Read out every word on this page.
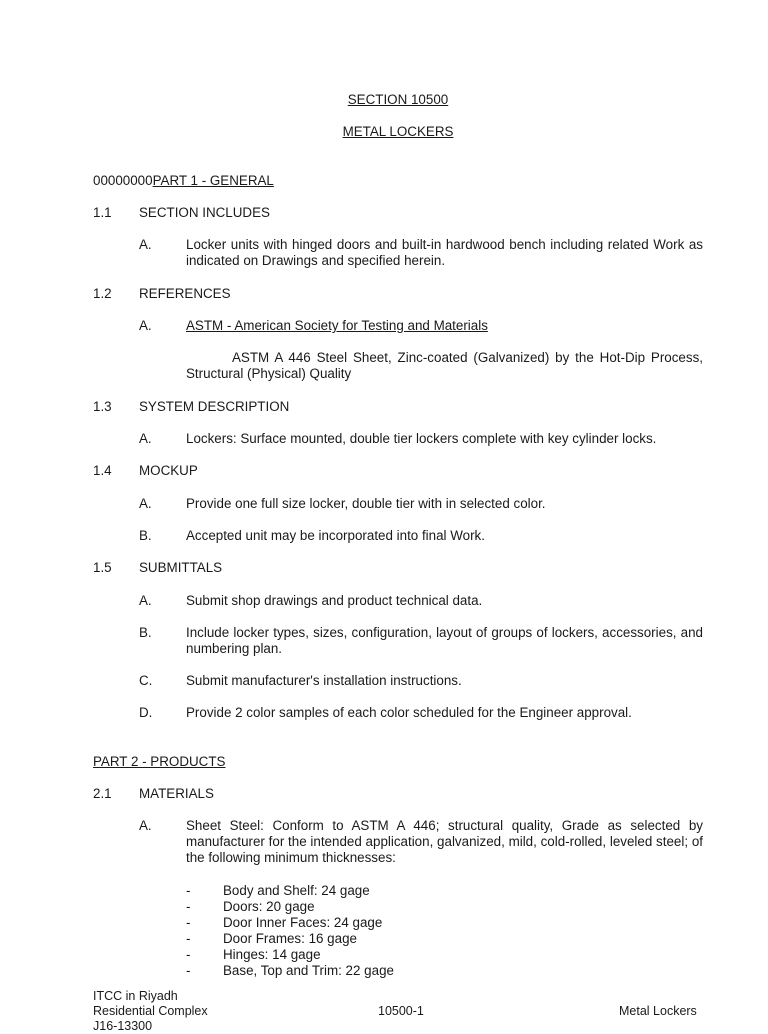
SECTION 10500
METAL LOCKERS
00000000PART 1 - GENERAL
1.1 SECTION INCLUDES
A.	Locker units with hinged doors and built-in hardwood bench including related Work as indicated on Drawings and specified herein.
1.2 REFERENCES
A.	ASTM - American Society for Testing and Materials
ASTM A 446 Steel Sheet, Zinc-coated (Galvanized) by the Hot-Dip Process, Structural (Physical) Quality
1.3 SYSTEM DESCRIPTION
A.	Lockers: Surface mounted, double tier lockers complete with key cylinder locks.
1.4 MOCKUP
A.	Provide one full size locker, double tier with in selected color.
B.	Accepted unit may be incorporated into final Work.
1.5 SUBMITTALS
A.	Submit shop drawings and product technical data.
B.	Include locker types, sizes, configuration, layout of groups of lockers, accessories, and numbering plan.
C.	Submit manufacturer's installation instructions.
D.	Provide 2 color samples of each color scheduled for the Engineer approval.
PART 2 - PRODUCTS
2.1 MATERIALS
A.	Sheet Steel: Conform to ASTM A 446; structural quality, Grade as selected by manufacturer for the intended application, galvanized, mild, cold-rolled, leveled steel; of the following minimum thicknesses:
- Body and Shelf: 24 gage
- Doors: 20 gage
- Door Inner Faces: 24 gage
- Door Frames: 16 gage
- Hinges: 14 gage
- Base, Top and Trim: 22 gage
ITCC in Riyadh
Residential Complex
J16-13300
10500-1	Metal Lockers
